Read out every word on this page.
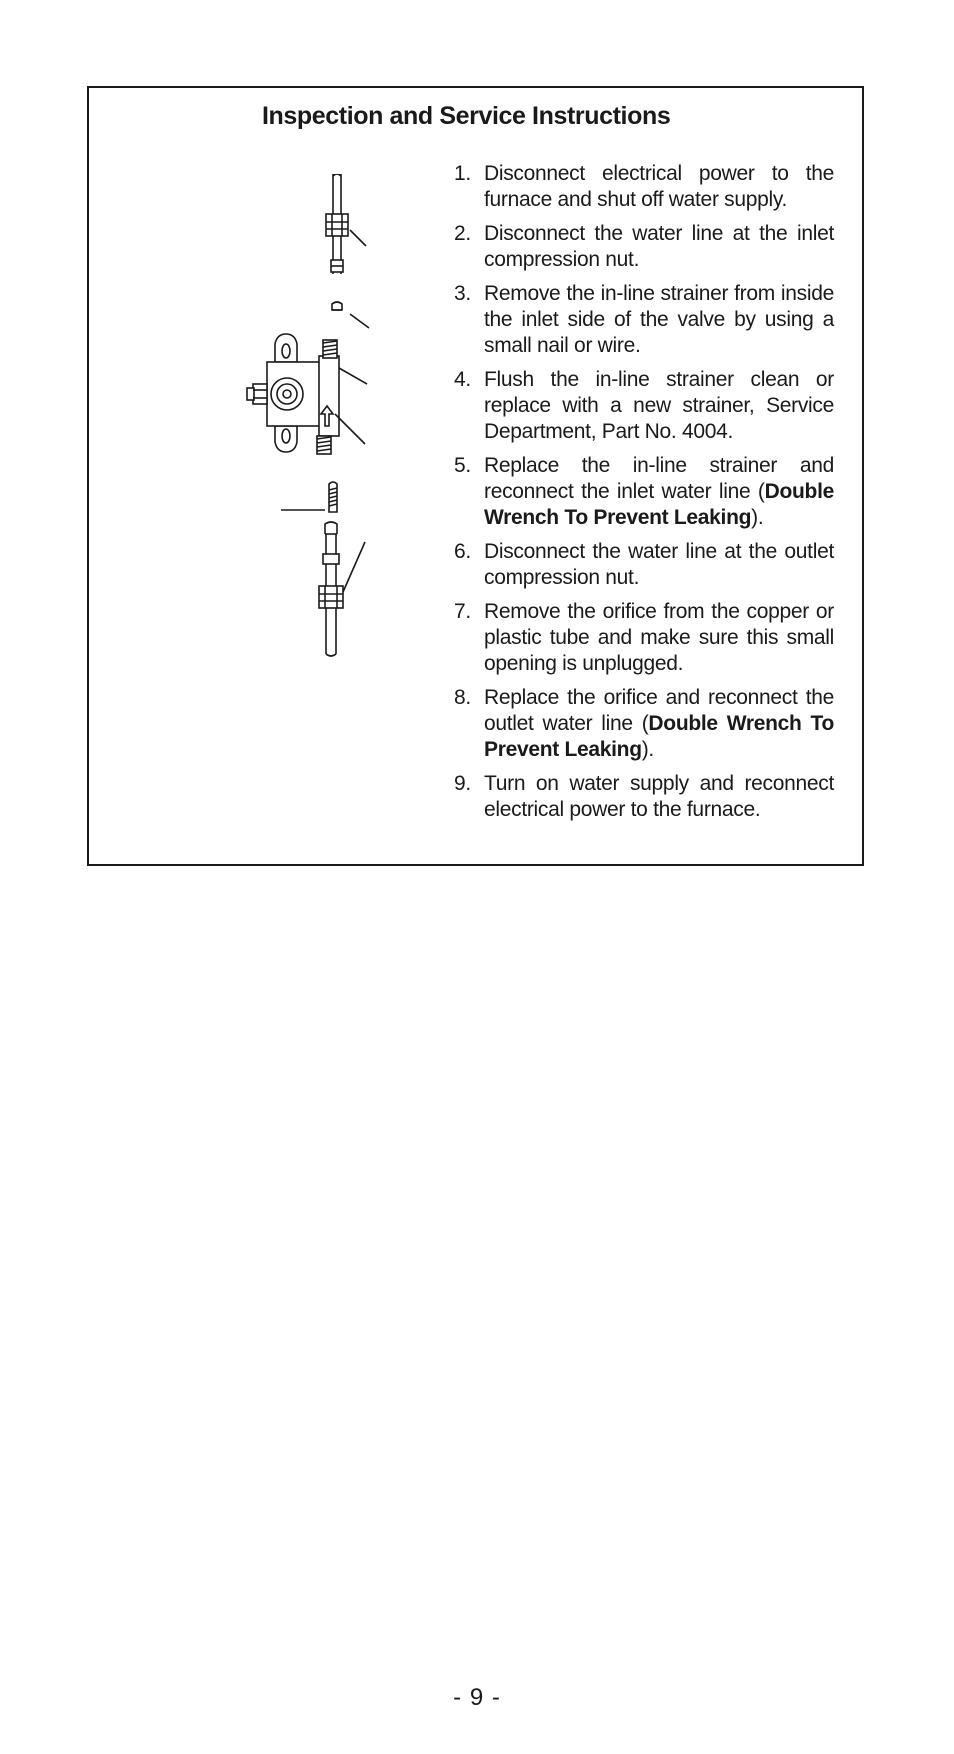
Inspection and Service Instructions
1. Disconnect electrical power to the furnace and shut off water supply.
2. Disconnect the water line at the inlet compression nut.
3. Remove the in-line strainer from inside the inlet side of the valve by using a small nail or wire.
4. Flush the in-line strainer clean or replace with a new strainer, Service Department, Part No. 4004.
5. Replace the in-line strainer and reconnect the inlet water line (Double Wrench To Prevent Leaking).
6. Disconnect the water line at the outlet compression nut.
7. Remove the orifice from the copper or plastic tube and make sure this small opening is unplugged.
8. Replace the orifice and reconnect the outlet water line (Double Wrench To Prevent Leaking).
9. Turn on water supply and reconnect electrical power to the furnace.
- 9 -
